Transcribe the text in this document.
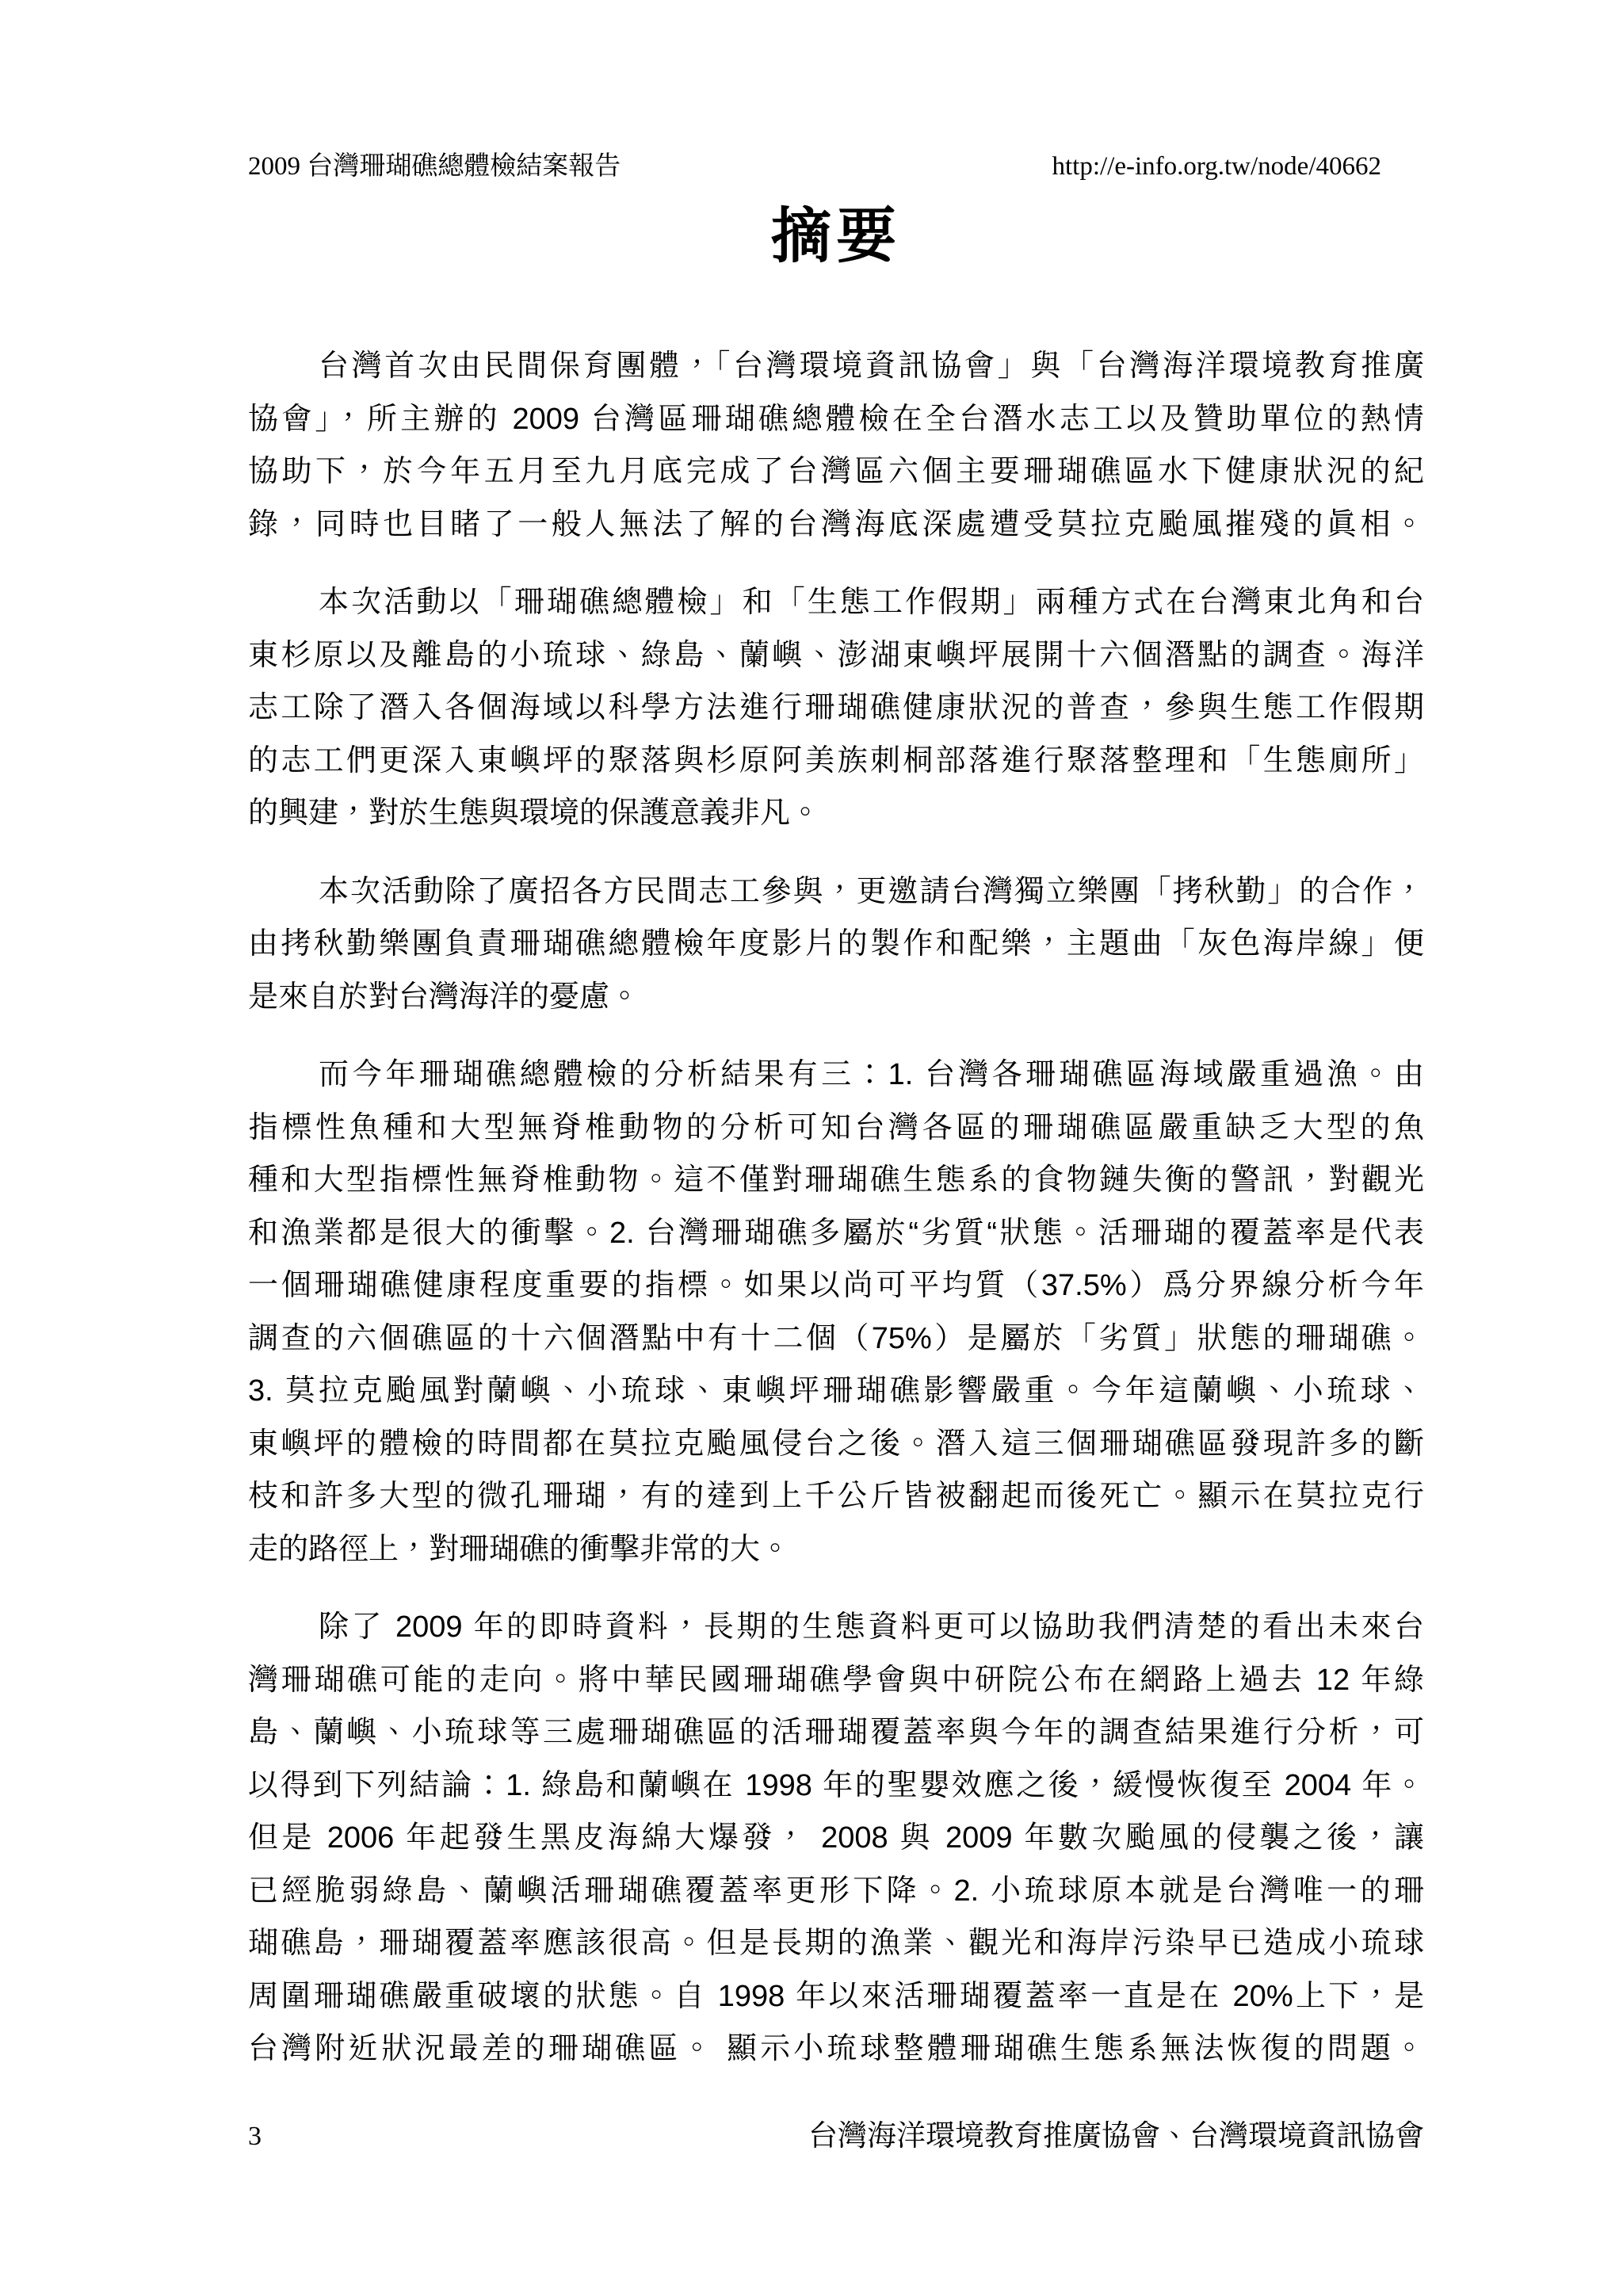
2009 台灣珊瑚礁總體檢結案報告	http://e-info.org.tw/node/40662
摘要
台灣首次由民間保育團體，「台灣環境資訊協會」與「台灣海洋環境教育推廣
協會」，所主辦的 2009 台灣區珊瑚礁總體檢在全台潛水志工以及贊助單位的熱情
協助下，於今年五月至九月底完成了台灣區六個主要珊瑚礁區水下健康狀況的紀
錄，同時也目睹了一般人無法了解的台灣海底深處遭受莫拉克颱風摧殘的眞相。
本次活動以「珊瑚礁總體檢」和「生態工作假期」兩種方式在台灣東北角和台
東杉原以及離島的小琉球、綠島、蘭嶼、澎湖東嶼坪展開十六個潛點的調查。海洋
志工除了潛入各個海域以科學方法進行珊瑚礁健康狀況的普查，參與生態工作假期
的志工們更深入東嶼坪的聚落與杉原阿美族刺桐部落進行聚落整理和「生態廁所」
的興建，對於生態與環境的保護意義非凡。
本次活動除了廣招各方民間志工參與，更邀請台灣獨立樂團「拷秋勤」的合作，
由拷秋勤樂團負責珊瑚礁總體檢年度影片的製作和配樂，主題曲「灰色海岸線」便
是來自於對台灣海洋的憂慮。
而今年珊瑚礁總體檢的分析結果有三：1. 台灣各珊瑚礁區海域嚴重過漁。由
指標性魚種和大型無脊椎動物的分析可知台灣各區的珊瑚礁區嚴重缺乏大型的魚
種和大型指標性無脊椎動物。這不僅對珊瑚礁生態系的食物鏈失衡的警訊，對觀光
和漁業都是很大的衝擊。2. 台灣珊瑚礁多屬於“劣質“狀態。活珊瑚的覆蓋率是代表
一個珊瑚礁健康程度重要的指標。如果以尚可平均質（37.5%）爲分界線分析今年
調查的六個礁區的十六個潛點中有十二個（75%）是屬於「劣質」狀態的珊瑚礁。
3. 莫拉克颱風對蘭嶼、小琉球、東嶼坪珊瑚礁影響嚴重。今年這蘭嶼、小琉球、
東嶼坪的體檢的時間都在莫拉克颱風侵台之後。潛入這三個珊瑚礁區發現許多的斷
枝和許多大型的微孔珊瑚，有的達到上千公斤皆被翻起而後死亡。顯示在莫拉克行
走的路徑上，對珊瑚礁的衝擊非常的大。
除了 2009 年的即時資料，長期的生態資料更可以協助我們清楚的看出未來台
灣珊瑚礁可能的走向。將中華民國珊瑚礁學會與中研院公布在網路上過去 12 年綠
島、蘭嶼、小琉球等三處珊瑚礁區的活珊瑚覆蓋率與今年的調查結果進行分析，可
以得到下列結論：1. 綠島和蘭嶼在 1998 年的聖嬰效應之後，緩慢恢復至 2004 年。
但是 2006 年起發生黑皮海綿大爆發， 2008 與 2009 年數次颱風的侵襲之後，讓
已經脆弱綠島、蘭嶼活珊瑚礁覆蓋率更形下降。2. 小琉球原本就是台灣唯一的珊
瑚礁島，珊瑚覆蓋率應該很高。但是長期的漁業、觀光和海岸污染早已造成小琉球
周圍珊瑚礁嚴重破壞的狀態。自 1998 年以來活珊瑚覆蓋率一直是在 20%上下，是
台灣附近狀況最差的珊瑚礁區。 顯示小琉球整體珊瑚礁生態系無法恢復的問題。
3	台灣海洋環境教育推廣協會、台灣環境資訊協會
